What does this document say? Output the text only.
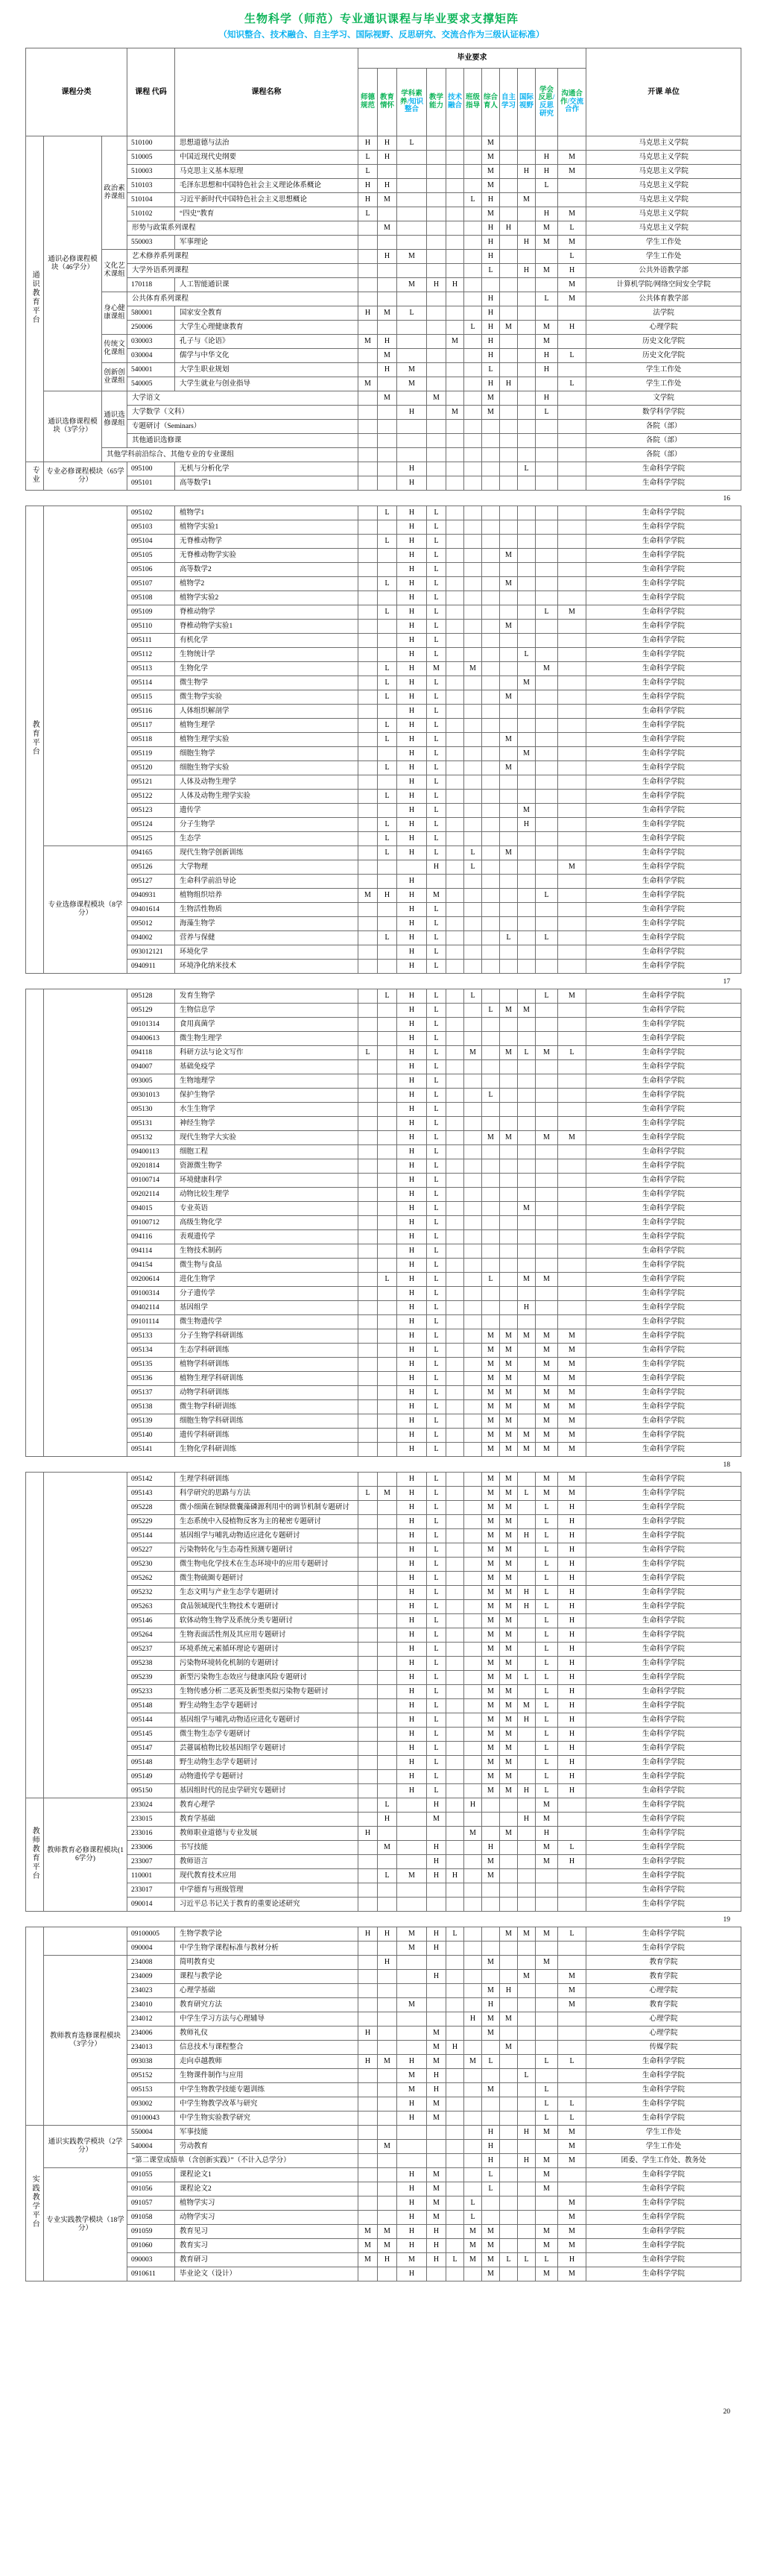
生物科学（师范）专业通识课程与毕业要求支撑矩阵
（知识整合、技术融合、自主学习、国际视野、反思研究、交流合作为三级认证标准）
课程分类			课程 代码	课程名称	毕业要求											开课 单位
					师德规范	教育情怀	学科素养/知识整合	教学能力	技术融合	班级指导	综合育人	自主学习	国际视野	学会反思/反思研究	沟通合作/交流合作	
通识教育平台	通识必修课程模块（46学分）	政治素养课组	510100	思想道德与法治	H	H	L				M					马克思主义学院
			510005	中国近现代史纲要	L	H					M			H	M	马克思主义学院
			510003	马克思主义基本原理	L						M		H	H	M	马克思主义学院
			510103	毛泽东思想和中国特色社会主义理论体系概论	H	H					M			L		马克思主义学院
			510104	习近平新时代中国特色社会主义思想概论	H	M				L	H		M			马克思主义学院
			510102	“四史”教育	L						M			H	M	马克思主义学院
			形势与政策系列课程			M					H	H		M	L	马克思主义学院
			550003	军事理论							H		H	M	M	学生工作处
		文化艺术课组	艺术修养系列课程			H	M				H				L	学生工作处
			大学外语系列课程								L		H	M	H	公共外语教学部
			170118	人工智能通识课			M	H	H						M	计算机学院/网络空间安全学院
		身心健康课组	公共体育系列课程								H			L	M	公共体育教学部
			580001	国家安全教育	H	M	L				H					法学院
			250006	大学生心理健康教育						L	H	M		M	H	心理学院
		传统文化课组	030003	孔子与《论语》	M	H			M		H			M		历史文化学院
			030004	儒学与中华文化		M					H			H	L	历史文化学院
		创新创业课组	540001	大学生职业规划		H	M				L			H		学生工作处
			540005	大学生就业与创业指导	M		M				H	H			L	学生工作处
	通识选修课程模块（3学分）	通识选修课组	大学语文			M		M			M			H		文学院
			大学数学（文科）				H		M		M			L		数学科学学院
			专题研讨（Seminars）													各院（部）
			其他通识选修课													各院（部）
		其他学科前沿综合、其他专业的专业课组														各院（部）
专业	专业必修课程模块（65学分）		095100	无机与分析化学			H						L			生命科学学院
			095101	高等数学1			H									生命科学学院
16
教育平台		095102	植物学1		L	H	L								生命科学学院
		095103	植物学实验1			H	L								生命科学学院
		095104	无脊椎动物学		L	H	L								生命科学学院
		095105	无脊椎动物学实验			H	L				M				生命科学学院
		095106	高等数学2			H	L								生命科学学院
		095107	植物学2		L	H	L				M				生命科学学院
		095108	植物学实验2			H	L								生命科学学院
		095109	脊椎动物学		L	H	L						L	M	生命科学学院
		095110	脊椎动物学实验1			H	L				M				生命科学学院
		095111	有机化学			H	L								生命科学学院
		095112	生物统计学			H	L					L			生命科学学院
		095113	生物化学		L	H	M		M				M		生命科学学院
		095114	微生物学		L	H	L					M			生命科学学院
		095115	微生物学实验		L	H	L				M				生命科学学院
		095116	人体组织解剖学			H	L								生命科学学院
		095117	植物生理学		L	H	L								生命科学学院
		095118	植物生理学实验		L	H	L				M				生命科学学院
		095119	细胞生物学			H	L					M			生命科学学院
		095120	细胞生物学实验		L	H	L				M				生命科学学院
		095121	人体及动物生理学			H	L								生命科学学院
		095122	人体及动物生理学实验		L	H	L								生命科学学院
		095123	遗传学			H	L					M			生命科学学院
		095124	分子生物学		L	H	L					H			生命科学学院
		095125	生态学		L	H	L								生命科学学院
	专业选修课程模块（8学分）	094165	现代生物学创新训练		L	H	L		L		M				生命科学学院
		095126	大学物理				H		L					M	生命科学学院
		095127	生命科学前沿导论			H									生命科学学院
		0940931	植物组织培养	M	H	H	M						L		生命科学学院
		09401614	生物活性物质			H	L								生命科学学院
		095012	海藻生物学			H	L								生命科学学院
		094002	营养与保健		L	H	L				L		L		生命科学学院
		093012121	环境化学			H	L								生命科学学院
		0940911	环境净化纳米技术			H	L								生命科学学院
17
		095128	发育生物学		L	H	L		L				L	M	生命科学学院
		095129	生物信息学			H	L			L	M	M			生命科学学院
		09101314	食用真菌学			H	L								生命科学学院
		09400613	微生物生理学			H	L								生命科学学院
		094118	科研方法与论文写作	L		H	L		M		M	L	M	L	生命科学学院
		094007	基础免疫学			H	L								生命科学学院
		093005	生物地理学			H	L								生命科学学院
		09301013	保护生物学			H	L			L					生命科学学院
		095130	水生生物学			H	L								生命科学学院
		095131	神经生物学			H	L								生命科学学院
		095132	现代生物学大实验			H	L			M	M		M	M	生命科学学院
		09400113	细胞工程			H	L								生命科学学院
		09201814	资源微生物学			H	L								生命科学学院
		09100714	环境健康科学			H	L								生命科学学院
		09202114	动物比较生理学			H	L								生命科学学院
		094015	专业英语			H	L					M			生命科学学院
		09100712	高级生物化学			H	L								生命科学学院
		094116	表观遗传学			H	L								生命科学学院
		094114	生物技术制药			H	L								生命科学学院
		094154	微生物与食品			H	L								生命科学学院
		09200614	进化生物学		L	H	L			L		M	M		生命科学学院
		09100314	分子遗传学			H	L								生命科学学院
		09402114	基因组学			H	L					H			生命科学学院
		09101114	微生物遗传学			H	L								生命科学学院
		095133	分子生物学科研训练			H	L			M	M	M	M	M	生命科学学院
		095134	生态学科研训练			H	L			M	M		M	M	生命科学学院
		095135	植物学科研训练			H	L			M	M		M	M	生命科学学院
		095136	植物生理学科研训练			H	L			M	M		M	M	生命科学学院
		095137	动物学科研训练			H	L			M	M		M	M	生命科学学院
		095138	微生物学科研训练			H	L			M	M		M	M	生命科学学院
		095139	细胞生物学科研训练			H	L			M	M		M	M	生命科学学院
		095140	遗传学科研训练			H	L			M	M	M	M	M	生命科学学院
		095141	生物化学科研训练			H	L			M	M	M	M	M	生命科学学院
18
		095142	生理学科研训练			H	L			M	M		M	M	生命科学学院
		095143	科学研究的思路与方法	L	M	H	L			M	M	L	M	M	生命科学学院
		095228	微小细菌在铜绿微囊藻磷源利用中的调节机制专题研讨			H	L			M	M		L	H	生命科学学院
		095229	生态系统中入侵植物反客为主的秘密专题研讨			H	L			M	M		L	H	生命科学学院
		095144	基因组学与哺乳动物适应进化专题研讨			H	L			M	M	H	L	H	生命科学学院
		095227	污染物转化与生态毒性预测专题研讨			H	L			M	M		L	H	生命科学学院
		095230	微生物电化学技术在生态环境中的应用专题研讨			H	L			M	M		L	H	生命科学学院
		095262	微生物硫圈专题研讨			H	L			M	M		L	H	生命科学学院
		095232	生态文明与产业生态学专题研讨			H	L			M	M	H	L	H	生命科学学院
		095263	食品领域现代生物技术专题研讨			H	L			M	M	H	L	H	生命科学学院
		095146	软体动物生物学及系统分类专题研讨			H	L			M	M		L	H	生命科学学院
		095264	生物表面活性剂及其应用专题研讨			H	L			M	M		L	H	生命科学学院
		095237	环境系统元素循环理论专题研讨			H	L			M	M		L	H	生命科学学院
		095238	污染物环境转化机制的专题研讨			H	L			M	M		L	H	生命科学学院
		095239	新型污染物生态效应与健康风险专题研讨			H	L			M	M	L	L	H	生命科学学院
		095233	生物传感分析二恶英及新型类似污染物专题研讨			H	L			M	M		L	H	生命科学学院
		095148	野生动物生态学专题研讨			H	L			M	M	M	L	H	生命科学学院
		095144	基因组学与哺乳动物适应进化专题研讨			H	L			M	M	H	L	H	生命科学学院
		095145	微生物生态学专题研讨			H	L			M	M		L	H	生命科学学院
		095147	芸薹属植物比较基因组学专题研讨			H	L			M	M		L	H	生命科学学院
		095148	野生动物生态学专题研讨			H	L			M	M		L	H	生命科学学院
		095149	动物遗传学专题研讨			H	L			M	M		L	H	生命科学学院
		095150	基因组时代的昆虫学研究专题研讨			H	L			M	M	H	L	H	生命科学学院
教师教育平台	教师教育必修课程模块(16学分)	233024	教育心理学		L		H		H				M		生命科学学院
		233015	教育学基础		H		M					H	M		生命科学学院
		233016	教师职业道德与专业发展	H					M		M		H		生命科学学院
		233006	书写技能		M		H			H			M	L	生命科学学院
		233007	教师语言				H			M			M	H	生命科学学院
		110001	现代教育技术应用		L	M	H	H		M					生命科学学院
		233017	中学德育与班级管理												生命科学学院
		090014	习近平总书记关于教育的重要论述研究												生命科学学院
19
		09100005	生物学教学论	H	H	M	H	L			M	M	M	L	生命科学学院
		090004	中学生物学课程标准与教材分析			M	H								生命科学学院
	教师教育选修课程模块（3学分）	234008	简明教育史		H					M			M		教育学院
		234009	课程与教学论				H					M		M	教育学院
		234023	心理学基础							M	H			M	心理学院
		234010	教育研究方法			M				H				M	教育学院
		234012	中学生学习方法与心理辅导						H	M	M				心理学院
		234006	教师礼仪	H			M			M					心理学院
		234013	信息技术与课程整合				M	H			M				传媒学院
		093038	走向卓越教师	H	M	H	M		M	L			L	L	生命科学学院
		095152	生物课件制作与应用			M	H					L			生命科学学院
		095153	中学生物教学技能专题训练			M	H			M			L		生命科学学院
		093002	中学生物教学改革与研究			H	M						L	L	生命科学学院
		09100043	中学生物实验教学研究			H	M						L	L	生命科学学院
实践教学平台	通识实践教学模块（2学分）	550004	军事技能							H		H	M	M	学生工作处
		540004	劳动教育		M					H				M	学生工作处
		“第二课堂成绩单（含创新实践）”（不计入总学分）								H		H	M	M	团委、学生工作处、教务处
	专业实践教学模块（18学分）	091055	课程论文1			H	M			L			M		生命科学学院
		091056	课程论文2			H	M			L			M		生命科学学院
		091057	植物学实习			H	M		L					M	生命科学学院
		091058	动物学实习			H	M		L					M	生命科学学院
		091059	教育见习	M	M	H	H		M	M			M	M	生命科学学院
		091060	教育实习	M	M	H	H		M	M			M	M	生命科学学院
		090003	教育研习	M	H	M	H	L	M	M	L	L	L	H	生命科学学院
		0910611	毕业论文（设计）			H				M			M	M	生命科学学院
20
